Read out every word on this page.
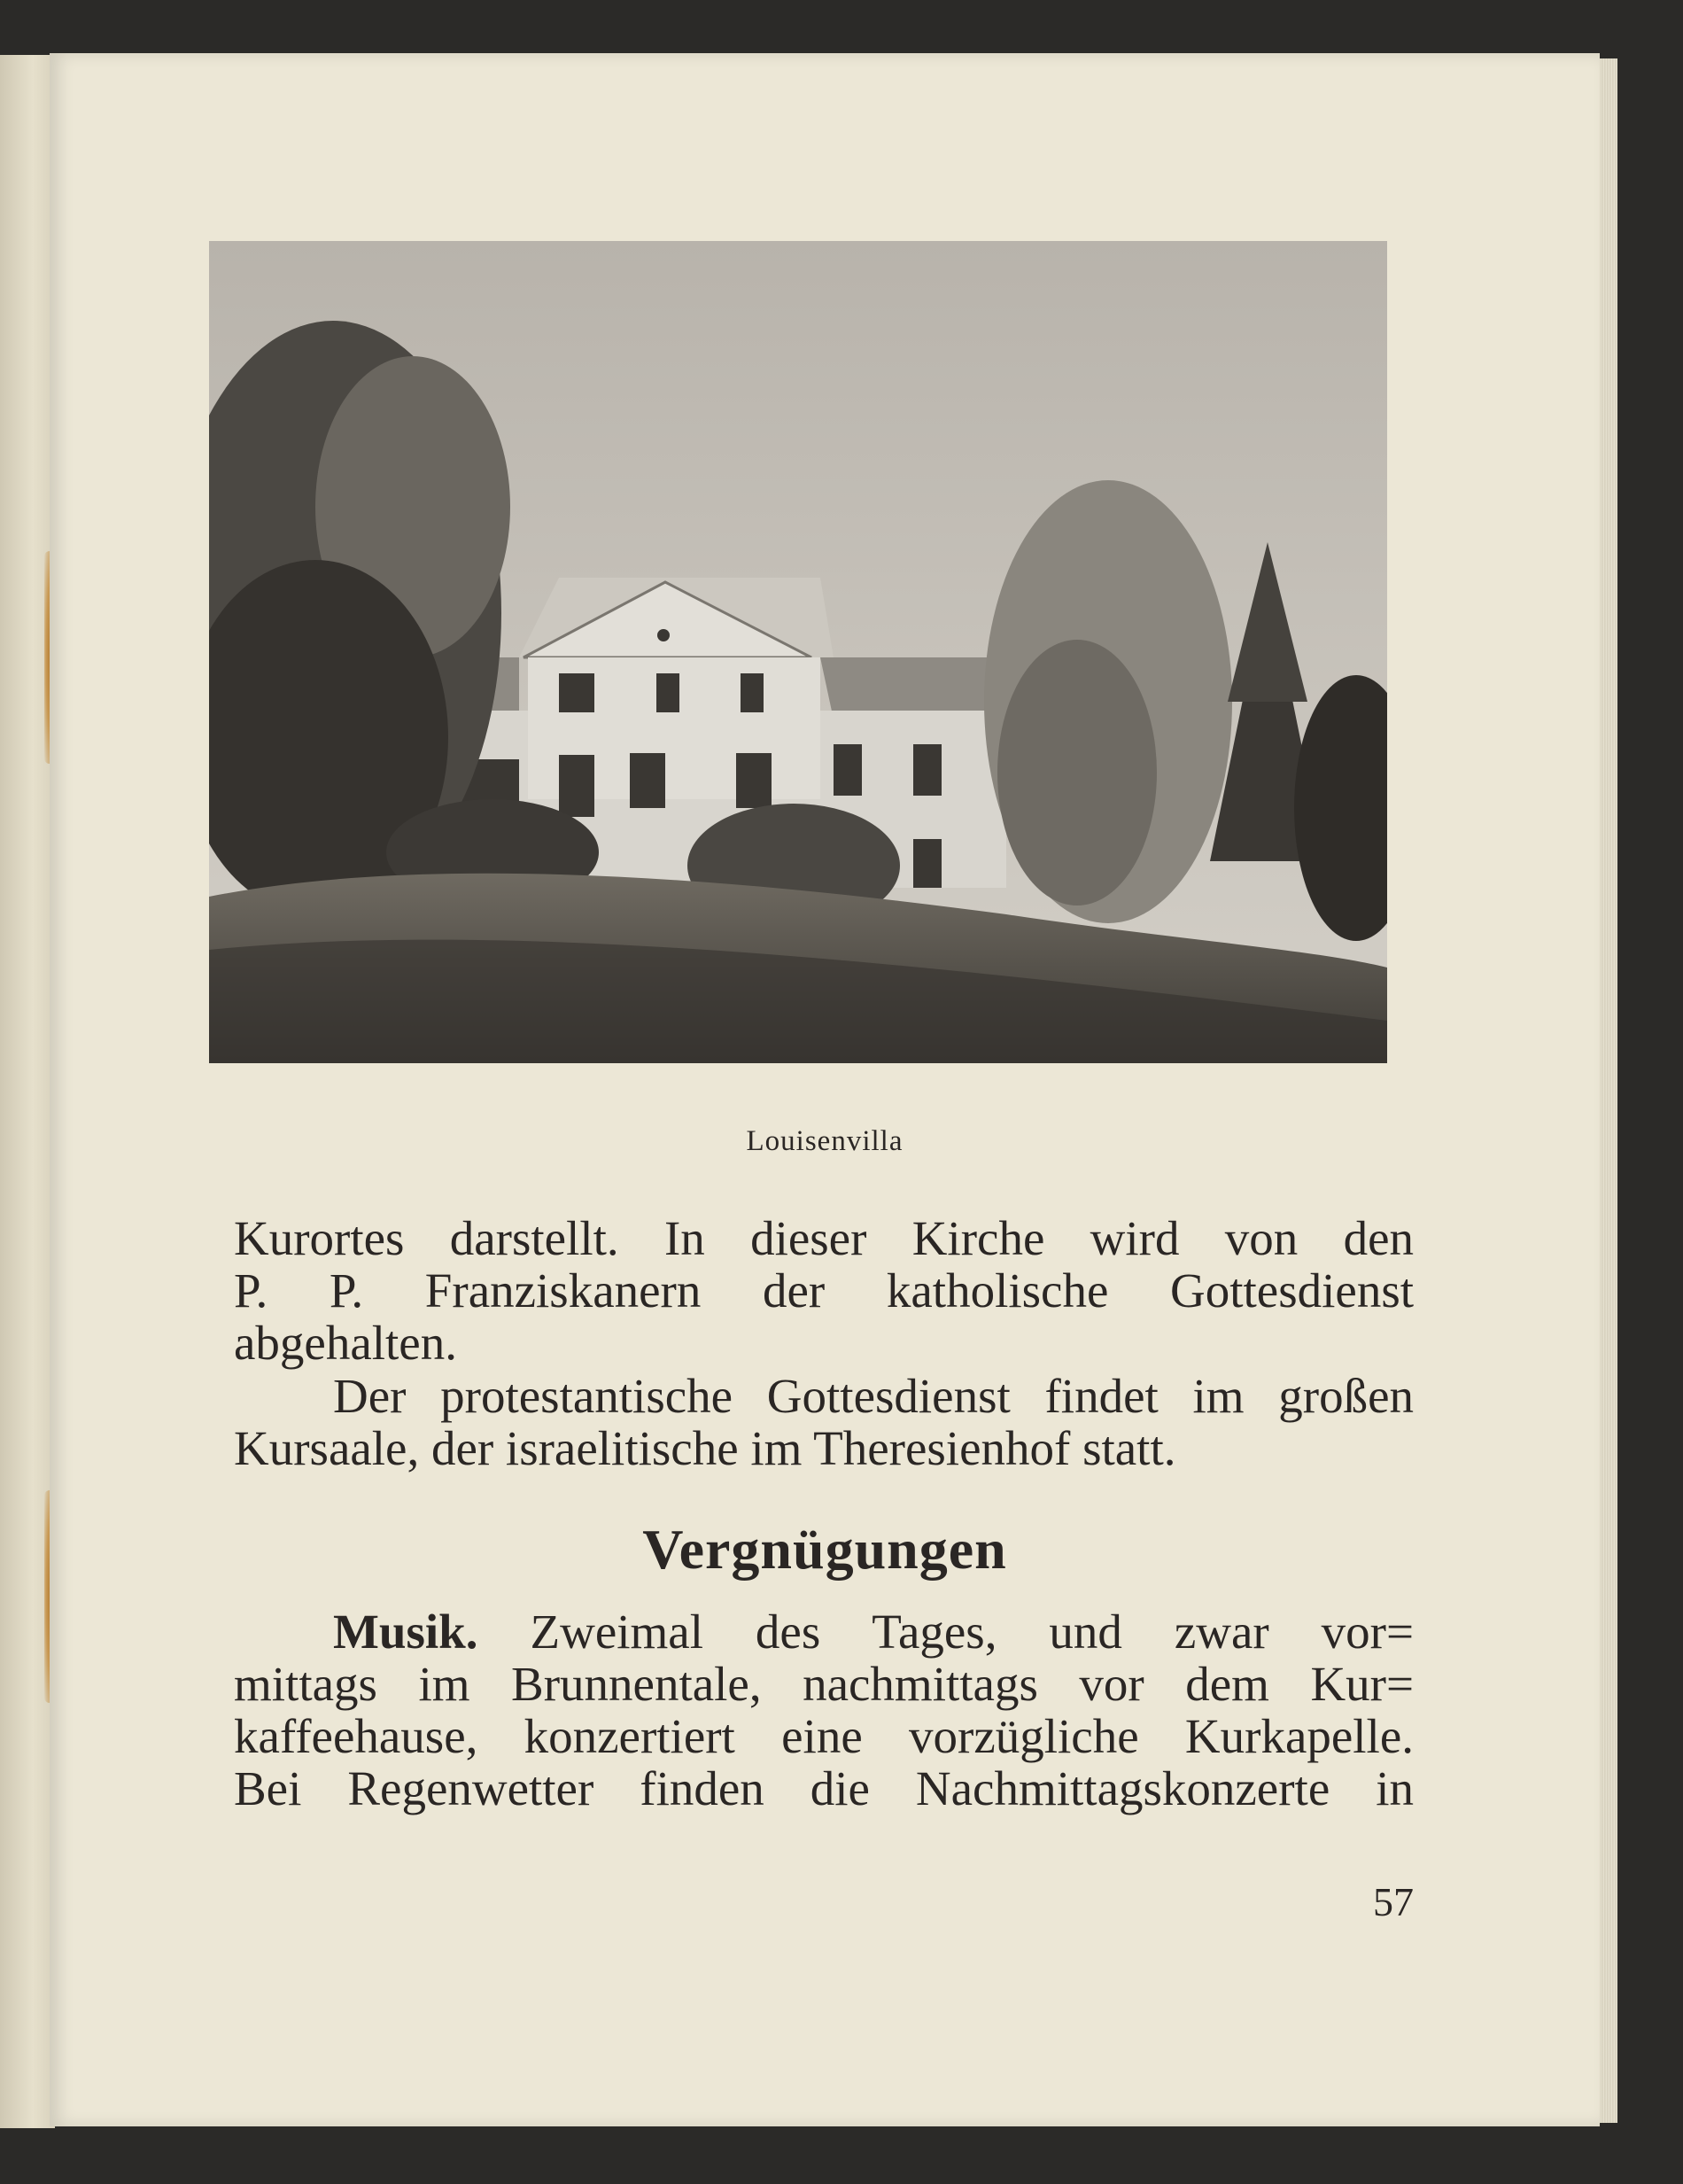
Louisenvilla
Kurortes darstellt. In dieser Kirche wird von den
P. P. Franziskanern der katholische Gottesdienst
abgehalten.
Der protestantische Gottesdienst findet im großen
Kursaale, der israelitische im Theresienhof statt.
Vergnügungen
Musik. Zweimal des Tages, und zwar vor=
mittags im Brunnentale, nachmittags vor dem Kur=
kaffeehause, konzertiert eine vorzügliche Kurkapelle.
Bei Regenwetter finden die Nachmittagskonzerte in
57
